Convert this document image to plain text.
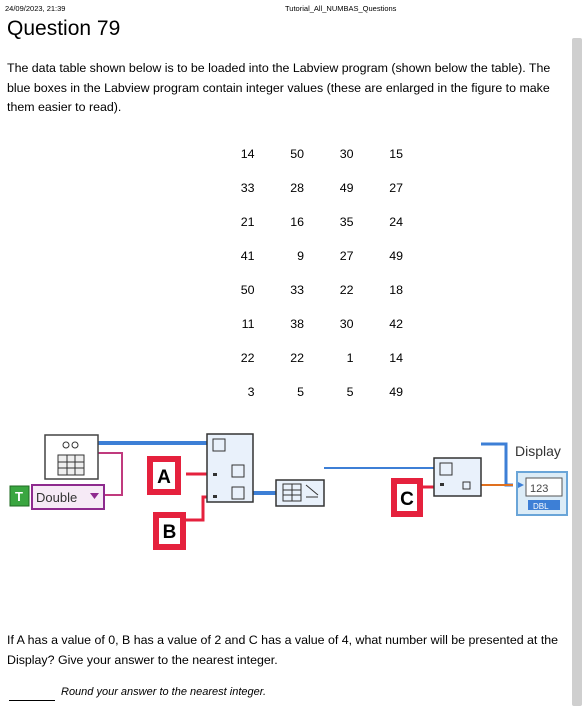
24/09/2023, 21:39	Tutorial_All_NUMBAS_Questions
Question 79

The data table shown below is to be loaded into the Labview program (shown below the table). The blue boxes in the Labview program contain integer values (these are enlarged in the figure to make them easier to read).

14	50	30	15
33	28	49	27
21	16	35	24
41	9	27	49
50	33	22	18
11	38	30	42
22	22	1	14
3	5	5	49
T Double
A
B
C
Display
123
DBL

If A has a value of 0, B has a value of 2 and C has a value of 4, what number will be presented at the Display? Give your answer to the nearest integer.

Round your answer to the nearest integer.
